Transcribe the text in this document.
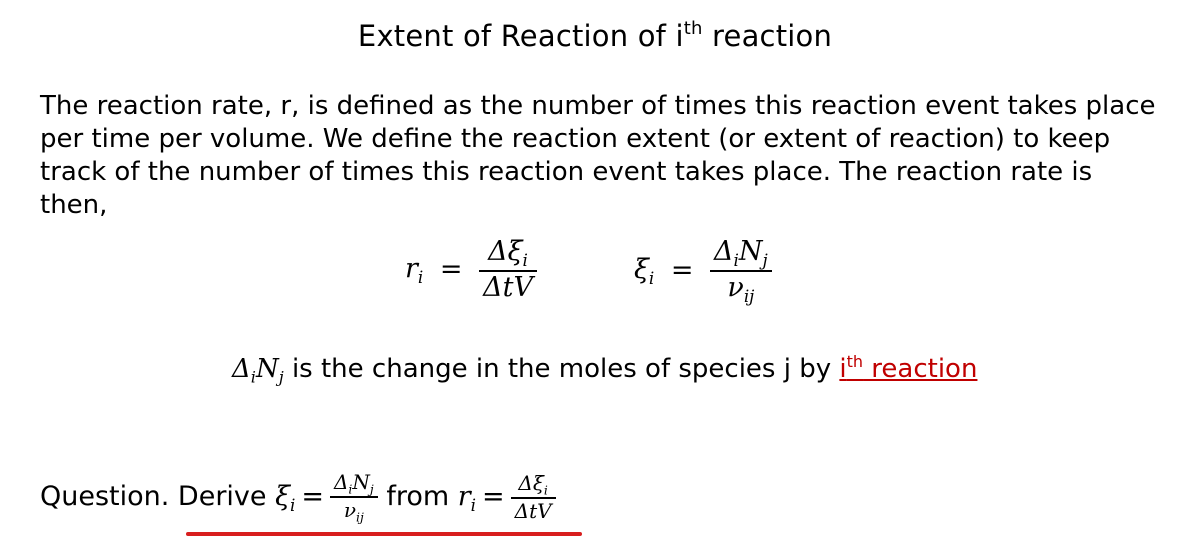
Extent of Reaction of $i^{th}$ reaction
The reaction rate, r, is defined as the number of times this reaction event takes place per time per volume. We define the reaction extent (or extent of reaction) to keep track of the number of times this reaction event takes place. The reaction rate is then,
$r_i = \frac{\Delta\xi_i}{\text{ΔtV}}$	$\xi_i = \frac{\Delta_iN_j}{\nu_{ij}}$
$\Delta_iN_j$ is the change in the moles of species j by $i^{th}$ reaction
Question. Derive $\xi_i = \frac{\Delta_iN_j}{\nu_{ij}}$ from $r_i = \frac{\Delta\xi_i}{\text{ΔtV}}$
